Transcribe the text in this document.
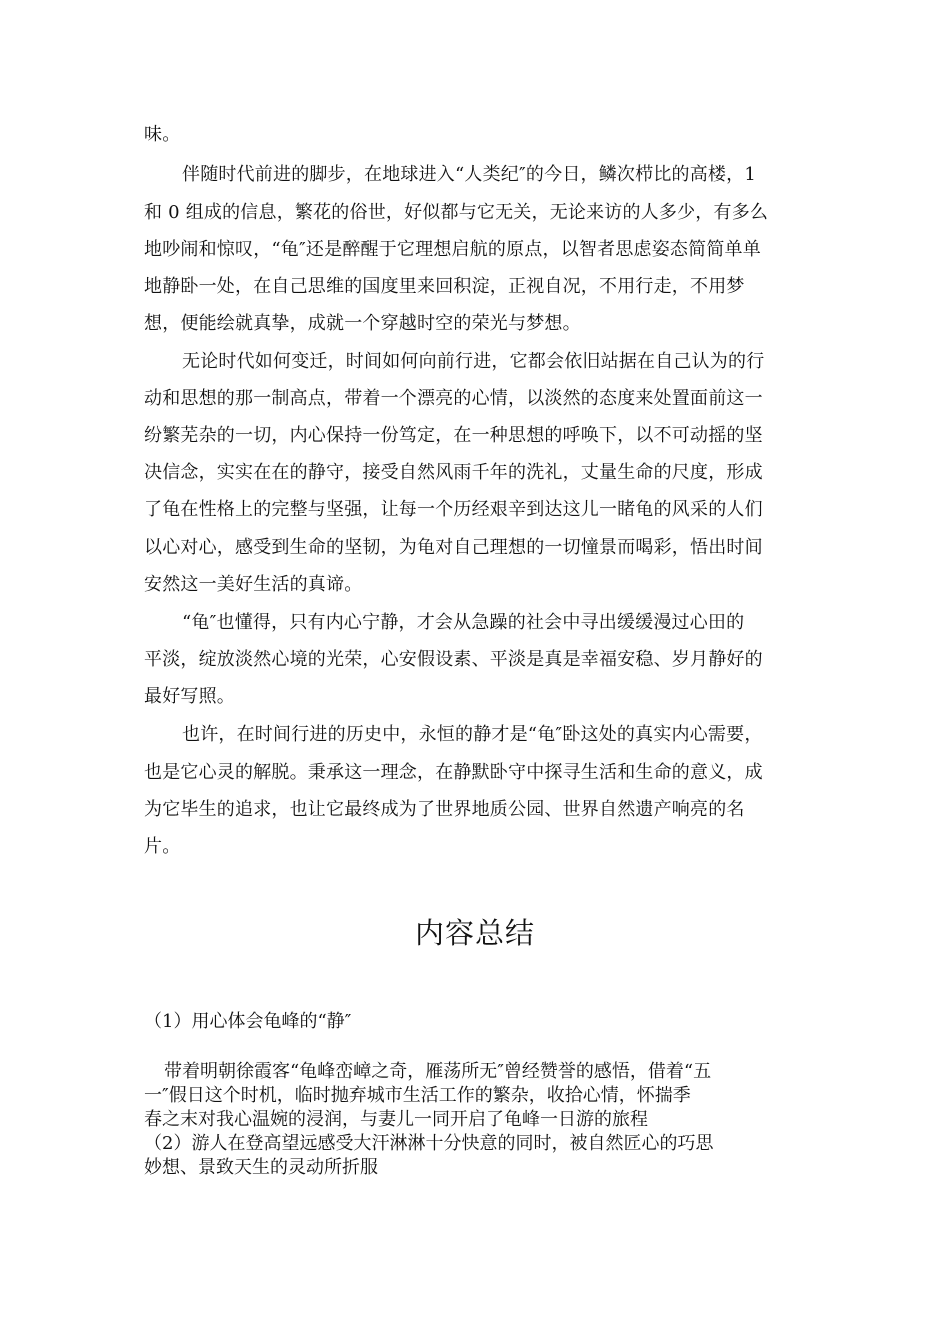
味。
伴随时代前进的脚步，在地球进入“人类纪″的今日，鳞次栉比的高楼，1
和 0 组成的信息，繁花的俗世，好似都与它无关，无论来访的人多少，有多么
地吵闹和惊叹，“龟″还是醉醒于它理想启航的原点，以智者思虑姿态简简单单
地静卧一处，在自己思维的国度里来回积淀，正视自况，不用行走，不用梦
想，便能绘就真挚，成就一个穿越时空的荣光与梦想。
无论时代如何变迁，时间如何向前行进，它都会依旧站据在自己认为的行
动和思想的那一制高点，带着一个漂亮的心情，以淡然的态度来处置面前这一
纷繁芜杂的一切，内心保持一份笃定，在一种思想的呼唤下，以不可动摇的坚
决信念，实实在在的静守，接受自然风雨千年的洗礼，丈量生命的尺度，形成
了龟在性格上的完整与坚强，让每一个历经艰辛到达这儿一睹龟的风采的人们
以心对心，感受到生命的坚韧，为龟对自己理想的一切憧景而喝彩，悟出时间
安然这一美好生活的真谛。
“龟″也懂得，只有内心宁静，才会从急躁的社会中寻出缓缓漫过心田的
平淡，绽放淡然心境的光荣，心安假设素、平淡是真是幸福安稳、岁月静好的
最好写照。
也许，在时间行进的历史中，永恒的静才是“龟″卧这处的真实内心需要，
也是它心灵的解脱。秉承这一理念，在静默卧守中探寻生活和生命的意义，成
为它毕生的追求，也让它最终成为了世界地质公园、世界自然遗产响亮的名
片。
内容总结
（1）用心体会龟峰的“静″
带着明朝徐霞客“龟峰峦嶂之奇，雁荡所无″曾经赞誉的感悟，借着“五
一″假日这个时机，临时抛弃城市生活工作的繁杂，收拾心情，怀揣季
春之末对我心温婉的浸润，与妻儿一同开启了龟峰一日游的旅程
（2）游人在登高望远感受大汗淋淋十分快意的同时，被自然匠心的巧思
妙想、景致天生的灵动所折服
